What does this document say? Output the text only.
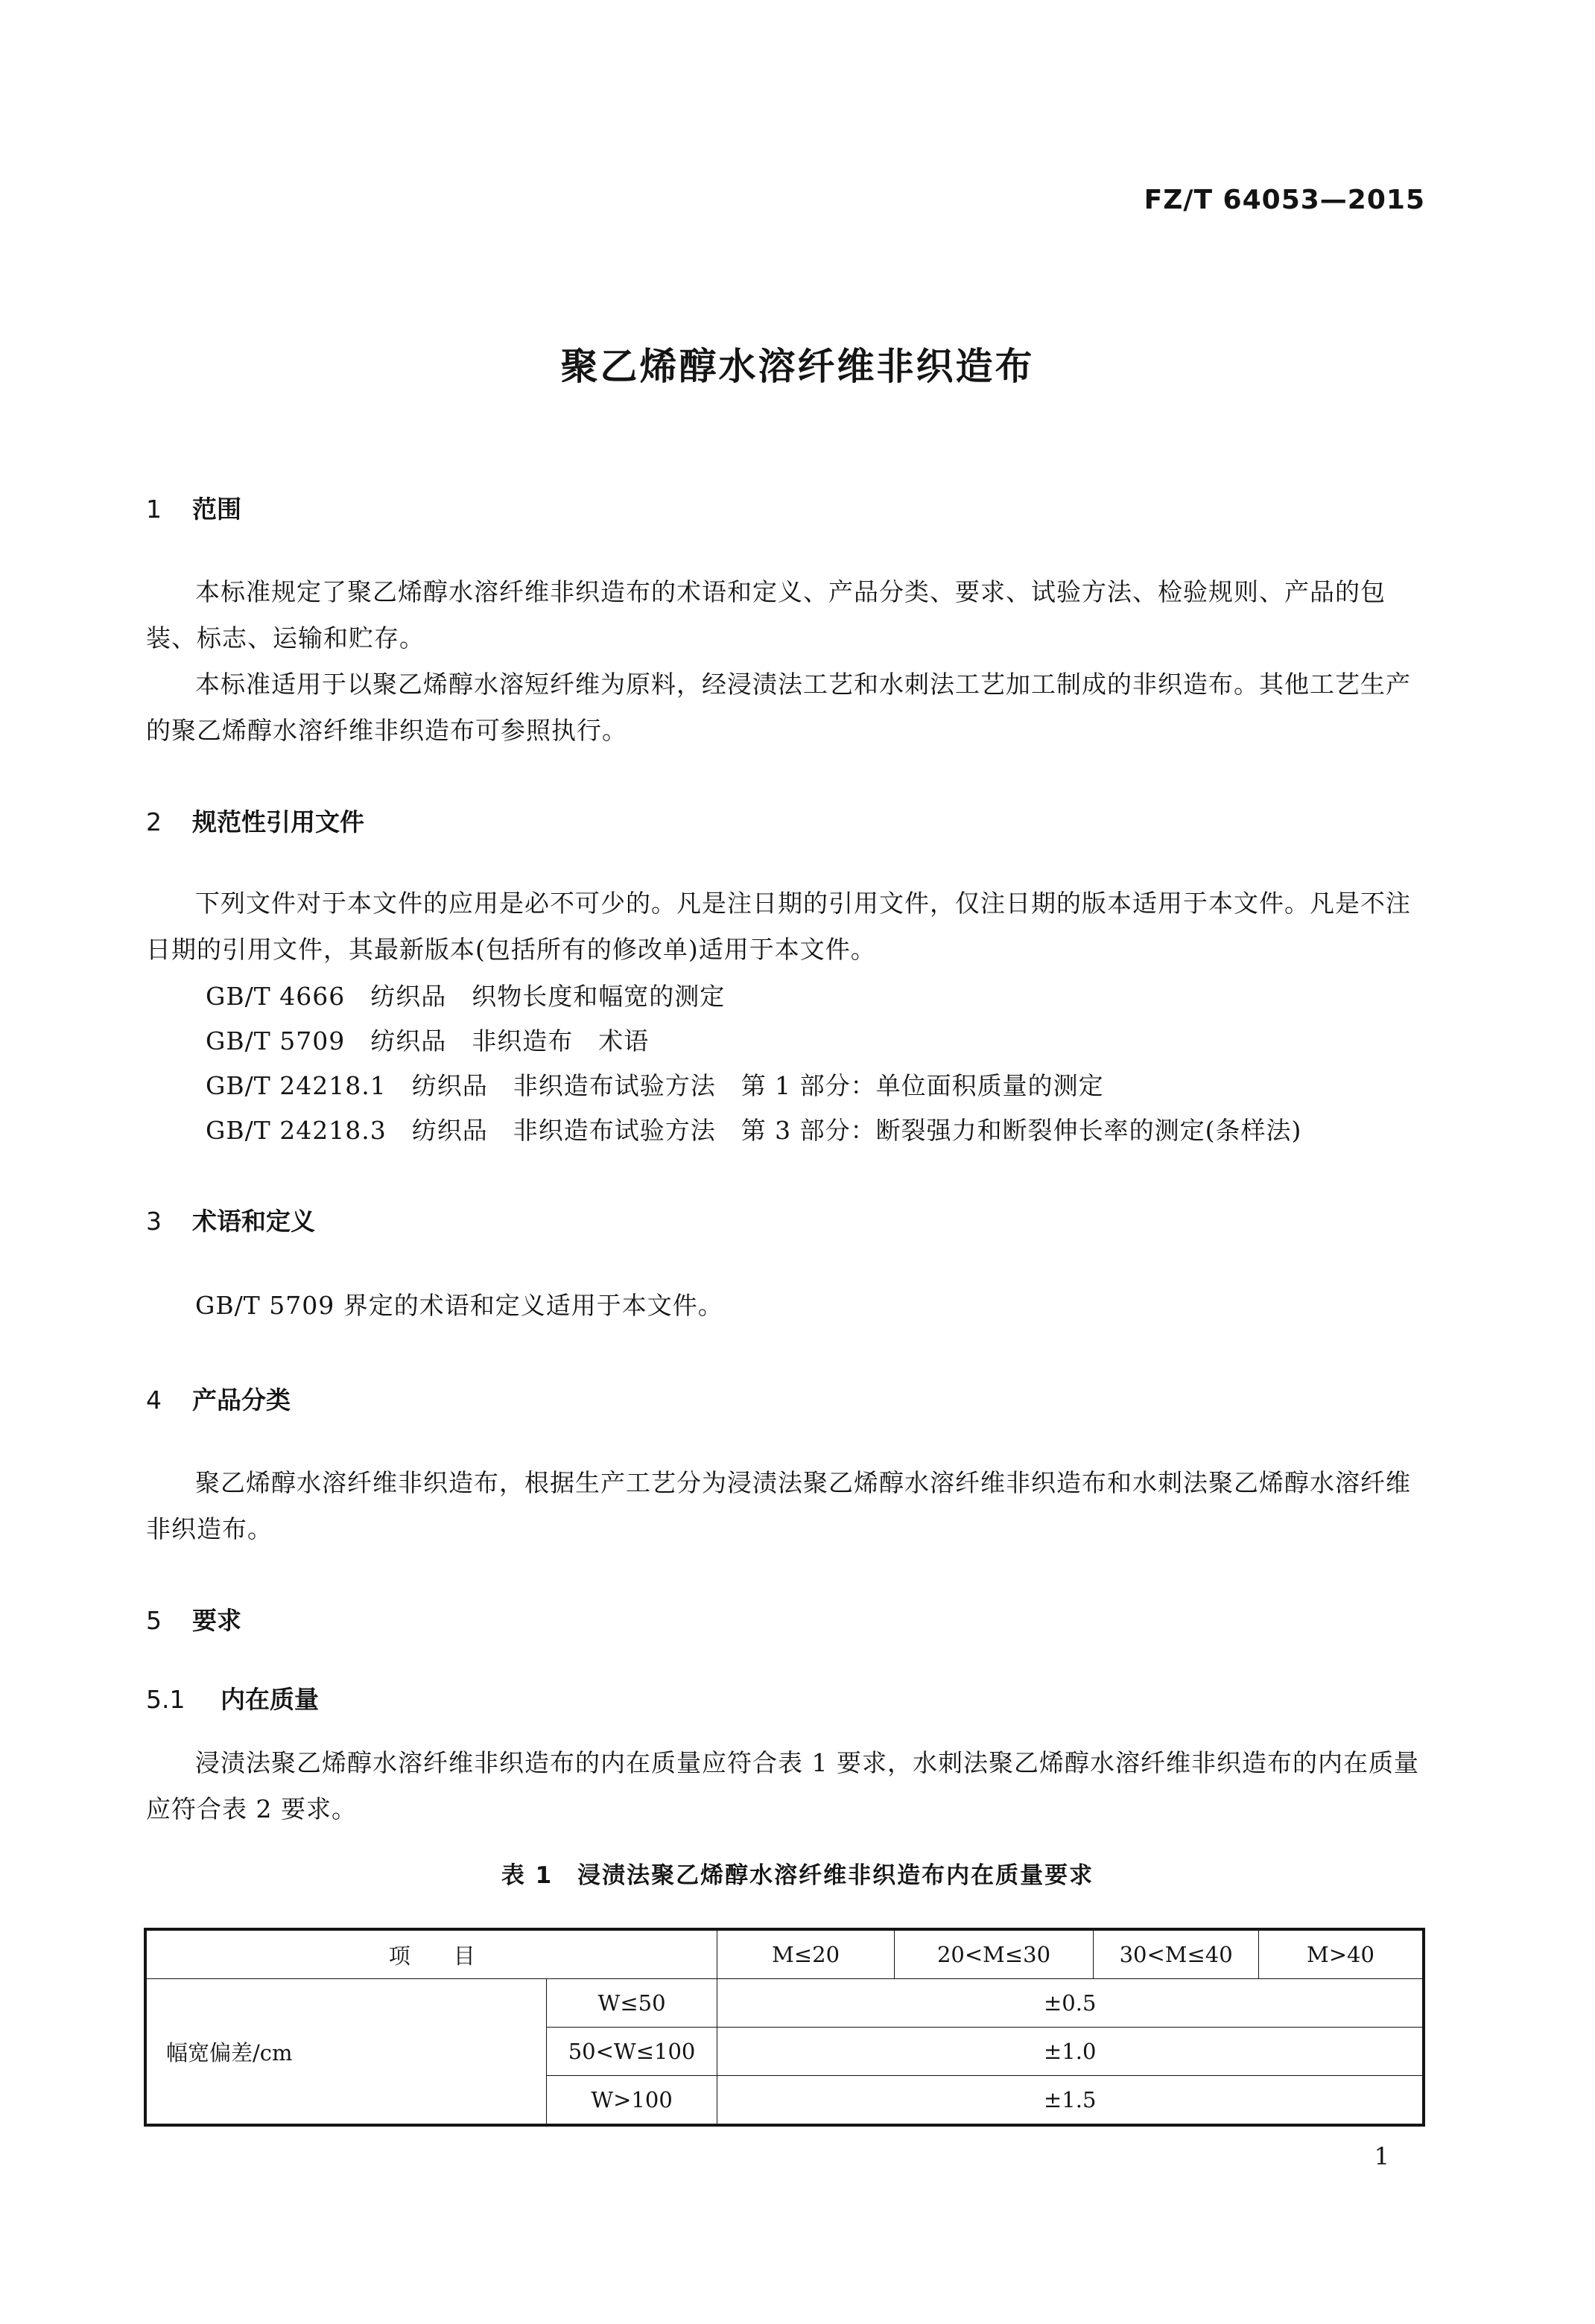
FZ/T 64053—2015
聚乙烯醇水溶纤维非织造布
1 范围

本标准规定了聚乙烯醇水溶纤维非织造布的术语和定义、产品分类、要求、试验方法、检验规则、产品的包装、标志、运输和贮存。

本标准适用于以聚乙烯醇水溶短纤维为原料，经浸渍法工艺和水刺法工艺加工制成的非织造布。其他工艺生产的聚乙烯醇水溶纤维非织造布可参照执行。

2 规范性引用文件

下列文件对于本文件的应用是必不可少的。凡是注日期的引用文件，仅注日期的版本适用于本文件。凡是不注日期的引用文件，其最新版本(包括所有的修改单)适用于本文件。

GB/T 4666　纺织品　织物长度和幅宽的测定
GB/T 5709　纺织品　非织造布　术语
GB/T 24218.1　纺织品　非织造布试验方法　第 1 部分：单位面积质量的测定
GB/T 24218.3　纺织品　非织造布试验方法　第 3 部分：断裂强力和断裂伸长率的测定(条样法)
3 术语和定义

GB/T 5709 界定的术语和定义适用于本文件。

4 产品分类

聚乙烯醇水溶纤维非织造布，根据生产工艺分为浸渍法聚乙烯醇水溶纤维非织造布和水刺法聚乙烯醇水溶纤维非织造布。

5 要求
5.1 内在质量

浸渍法聚乙烯醇水溶纤维非织造布的内在质量应符合表 1 要求，水刺法聚乙烯醇水溶纤维非织造布的内在质量应符合表 2 要求。

表 1　浸渍法聚乙烯醇水溶纤维非织造布内在质量要求
项　　目		M≤20	20<M≤30	30<M≤40	M>40
幅宽偏差/cm	W≤50	±0.5			
	50<W≤100	±1.0			
	W>100	±1.5			
1
